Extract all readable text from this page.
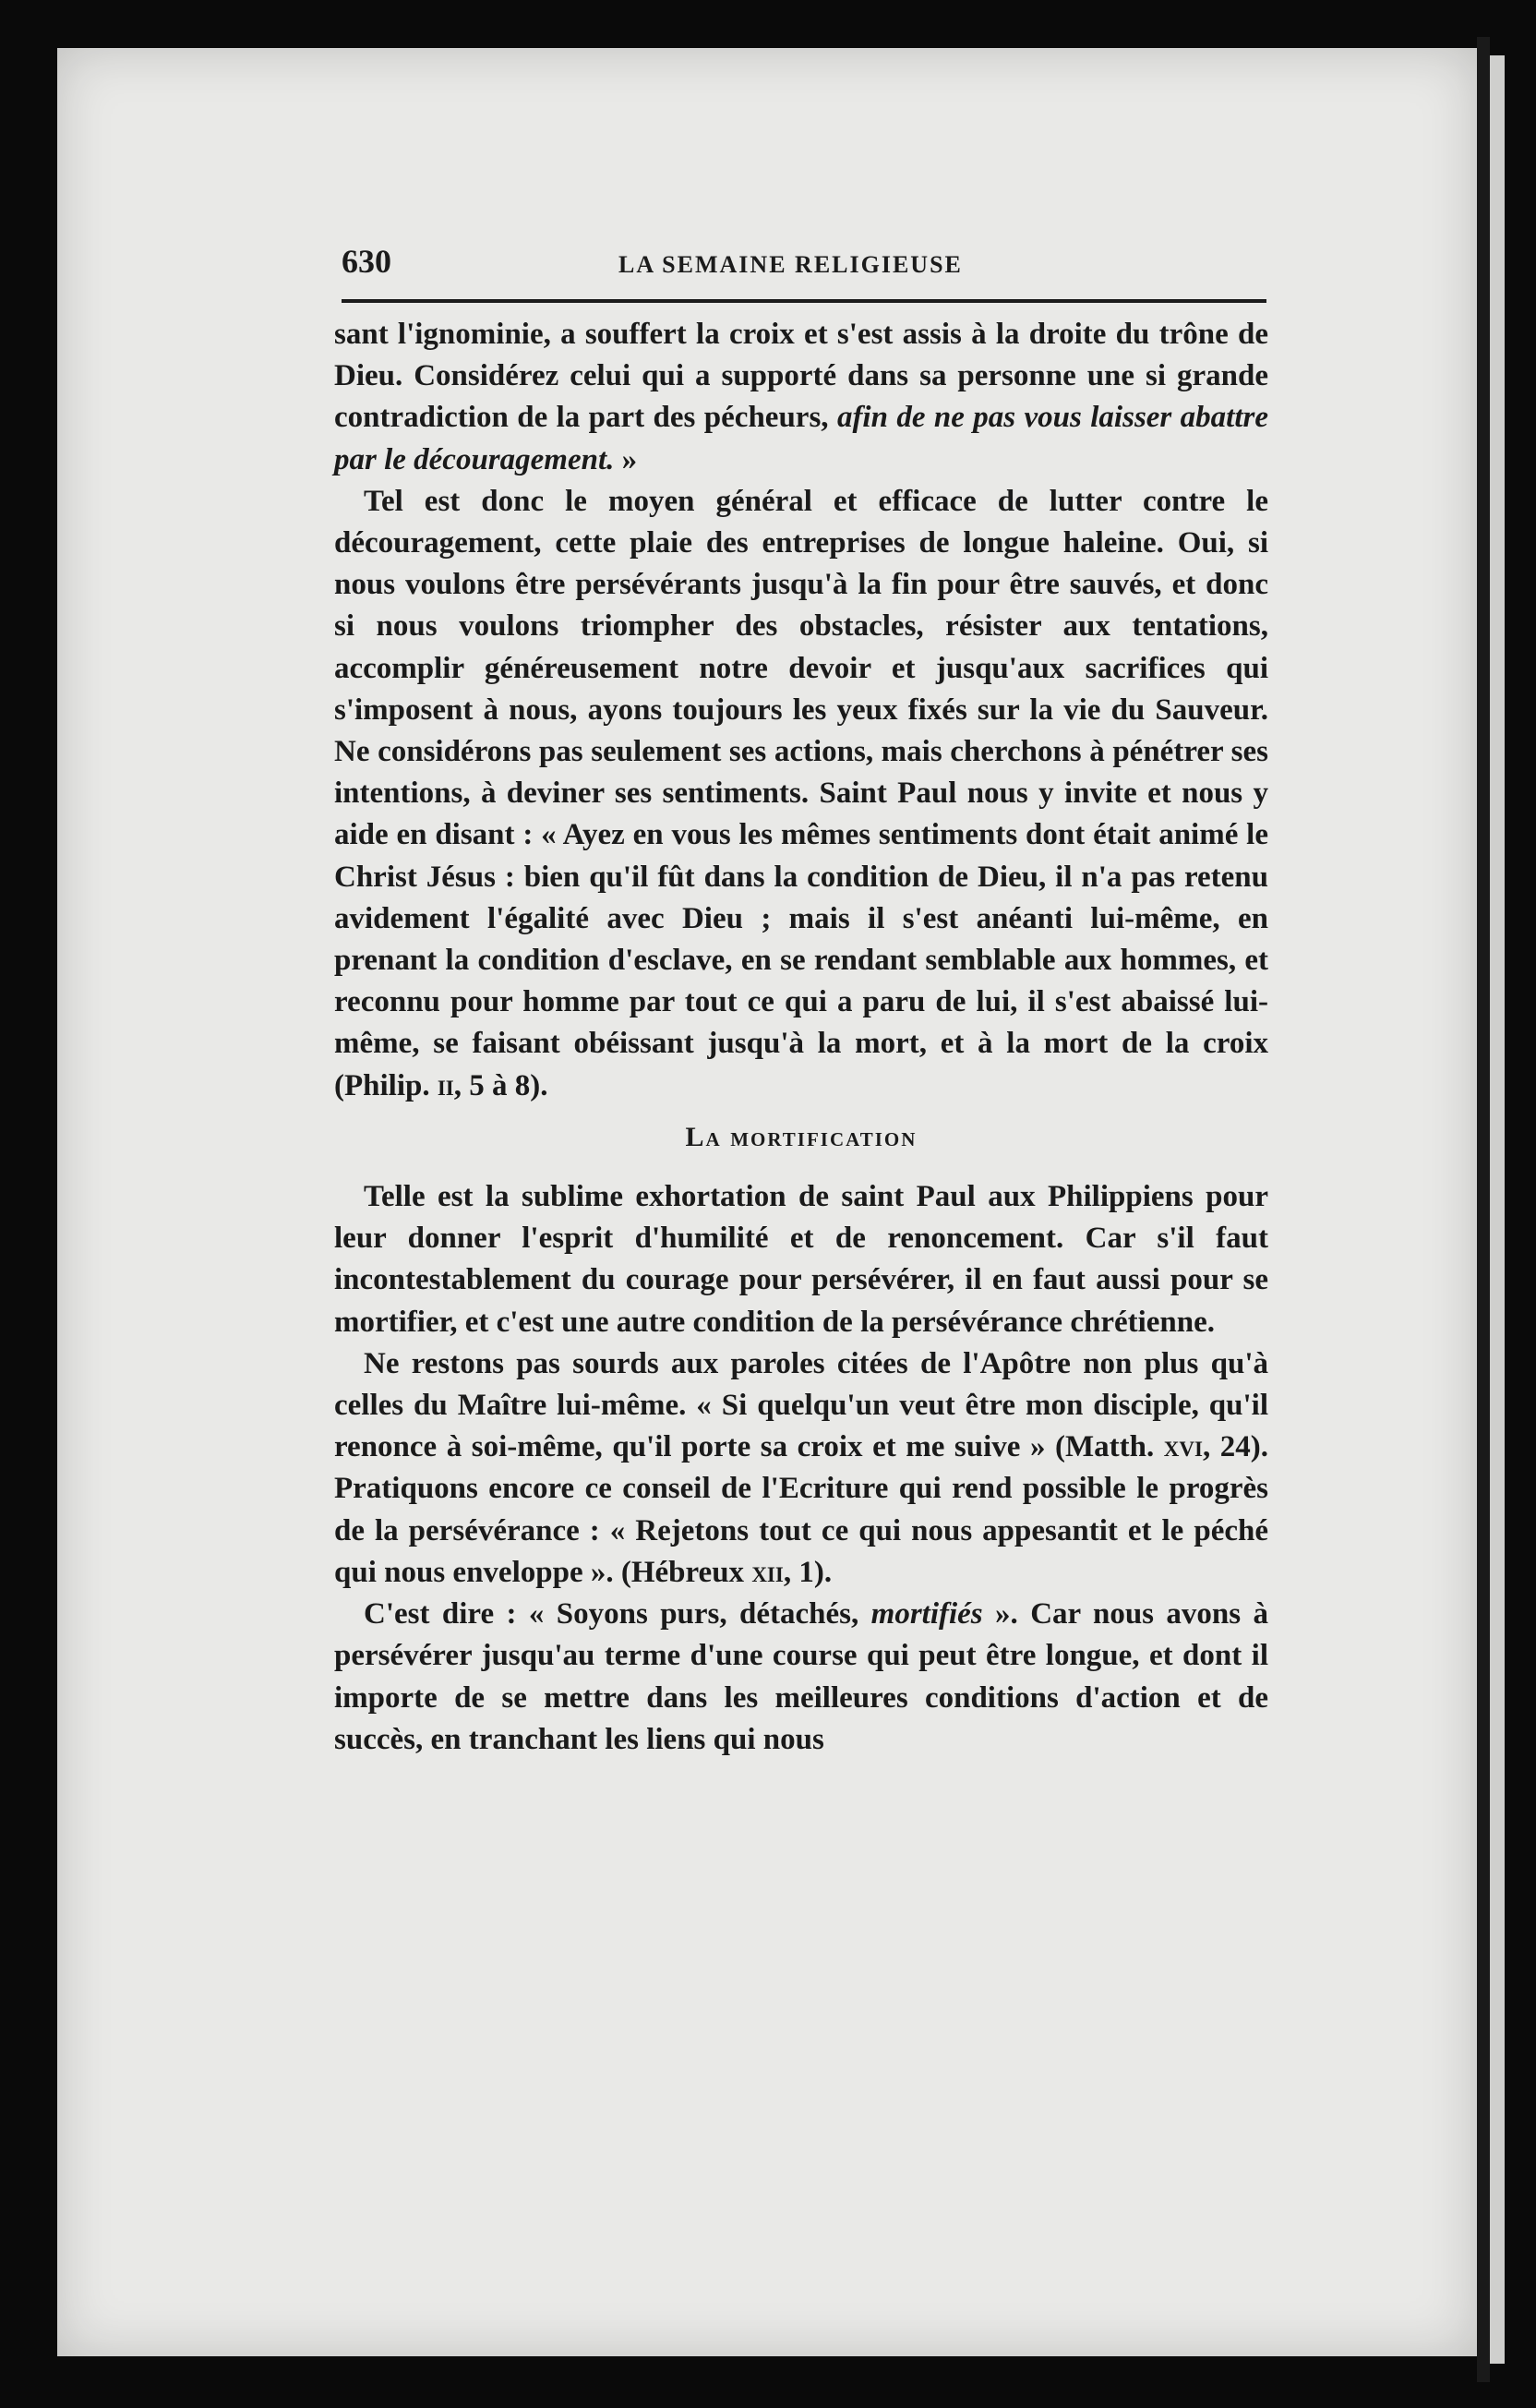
630	LA SEMAINE RELIGIEUSE

sant l'ignominie, a souffert la croix et s'est assis à la droite du trône de Dieu. Considérez celui qui a supporté dans sa personne une si grande contradiction de la part des pécheurs, afin de ne pas vous laisser abattre par le découragement. »

Tel est donc le moyen général et efficace de lutter contre le découragement, cette plaie des entreprises de longue haleine. Oui, si nous voulons être persévérants jusqu'à la fin pour être sauvés, et donc si nous voulons triompher des obstacles, résister aux tentations, accomplir généreusement notre devoir et jusqu'aux sacrifices qui s'imposent à nous, ayons toujours les yeux fixés sur la vie du Sauveur. Ne considérons pas seulement ses actions, mais cherchons à pénétrer ses intentions, à deviner ses sentiments. Saint Paul nous y invite et nous y aide en disant : « Ayez en vous les mêmes sentiments dont était animé le Christ Jésus : bien qu'il fût dans la condition de Dieu, il n'a pas retenu avidement l'égalité avec Dieu ; mais il s'est anéanti lui-même, en prenant la condition d'esclave, en se rendant semblable aux hommes, et reconnu pour homme par tout ce qui a paru de lui, il s'est abaissé lui-même, se faisant obéissant jusqu'à la mort, et à la mort de la croix (Philip. ii, 5 à 8).

La mortification

Telle est la sublime exhortation de saint Paul aux Philippiens pour leur donner l'esprit d'humilité et de renoncement. Car s'il faut incontestablement du courage pour persévérer, il en faut aussi pour se mortifier, et c'est une autre condition de la persévérance chrétienne.

Ne restons pas sourds aux paroles citées de l'Apôtre non plus qu'à celles du Maître lui-même. « Si quelqu'un veut être mon disciple, qu'il renonce à soi-même, qu'il porte sa croix et me suive » (Matth. xvi, 24). Pratiquons encore ce conseil de l'Ecriture qui rend possible le progrès de la persévérance : « Rejetons tout ce qui nous appesantit et le péché qui nous enveloppe ». (Hébreux xii, 1).

C'est dire : « Soyons purs, détachés, mortifiés ». Car nous avons à persévérer jusqu'au terme d'une course qui peut être longue, et dont il importe de se mettre dans les meilleures conditions d'action et de succès, en tranchant les liens qui nous
